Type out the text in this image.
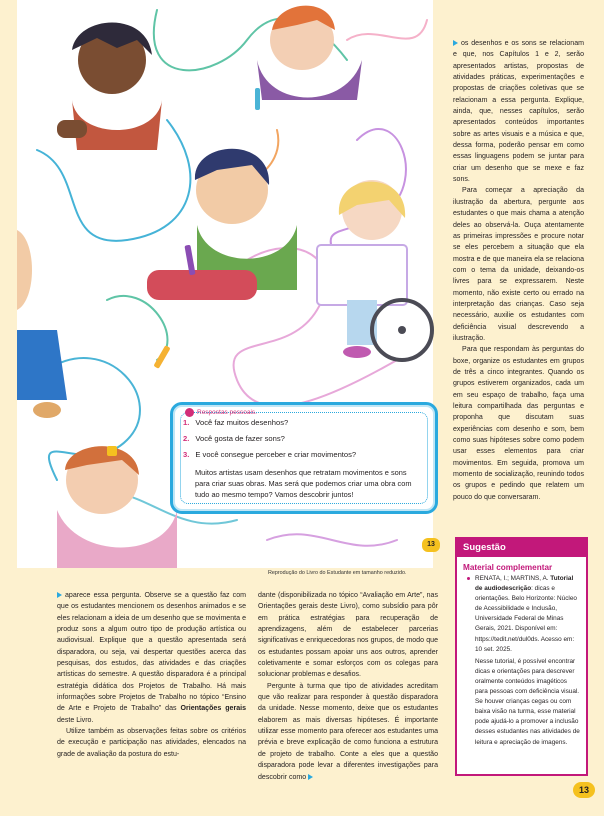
Respostas pessoais.
1. Você faz muitos desenhos?
2. Você gosta de fazer sons?
3. E você consegue perceber e criar movimentos?
Muitos artistas usam desenhos que retratam movimentos e sons para criar suas obras. Mas será que podemos criar uma obra com tudo ao mesmo tempo? Vamos descobrir juntos!
13
Reprodução do Livro do Estudante em tamanho reduzido.

os desenhos e os sons se relacionam e que, nos Capítulos 1 e 2, serão apresentados artistas, propostas de atividades práticas, experimentações e propostas de criações coletivas que se relacionam a essa pergunta. Explique, ainda, que, nesses capítulos, serão apresentados conteúdos importantes sobre as artes visuais e a música e que, dessa forma, poderão pensar em como essas linguagens podem se juntar para criar um desenho que se mexe e faz sons.

Para começar a apreciação da ilustração da abertura, pergunte aos estudantes o que mais chama a atenção deles ao observá-la. Ouça atentamente as primeiras impressões e procure notar se eles percebem a situação que ela mostra e de que maneira ela se relaciona com o tema da unidade, deixando-os livres para se expressarem. Neste momento, não existe certo ou errado na interpretação das crianças. Caso seja necessário, auxilie os estudantes com deficiência visual descrevendo a ilustração.

Para que respondam às perguntas do boxe, organize os estudantes em grupos de três a cinco integrantes. Quando os grupos estiverem organizados, cada um em seu espaço de trabalho, faça uma leitura compartilhada das perguntas e proponha que discutam suas experiências com desenho e som, bem como suas hipóteses sobre como podem usar esses elementos para criar movimentos. Em seguida, promova um momento de socialização, reunindo todos os grupos e pedindo que relatem um pouco do que conversaram.

aparece essa pergunta. Observe se a questão faz com que os estudantes mencionem os desenhos animados e se eles relacionam a ideia de um desenho que se movimenta e produz sons a algum outro tipo de produção artística ou audiovisual. Explique que a questão apresentada será disparadora, ou seja, vai despertar questões acerca das pesquisas, dos estudos, das atividades e das criações artísticas do semestre. A questão disparadora é a principal estratégia didática dos Projetos de Trabalho. Há mais informações sobre Projetos de Trabalho no tópico “Ensino de Arte e Projeto de Trabalho” das Orientações gerais deste Livro.

Utilize também as observações feitas sobre os critérios de execução e participação nas atividades, elencados na grade de avaliação da postura do estu-

dante (disponibilizada no tópico “Avaliação em Arte”, nas Orientações gerais deste Livro), como subsídio para pôr em prática estratégias para recuperação de aprendizagens, além de estabelecer parcerias significativas e enriquecedoras nos grupos, de modo que os estudantes possam apoiar uns aos outros, aprender coletivamente e somar esforços com os colegas para solucionar problemas e desafios.

Pergunte à turma que tipo de atividades acreditam que vão realizar para responder à questão disparadora da unidade. Nesse momento, deixe que os estudantes elaborem as mais diversas hipóteses. É importante utilizar esse momento para oferecer aos estudantes uma prévia e breve explicação de como funciona a estrutura de projeto de trabalho. Conte a eles que a questão disparadora pode levar a diferentes investigações para descobrir como

Sugestão
Material complementar
RENATA, I.; MARTINS, A. Tutorial de audiodescrição: dicas e orientações. Belo Horizonte: Núcleo de Acessibilidade e Inclusão, Universidade Federal de Minas Gerais, 2021. Disponível em: https://tedit.net/dul0ds. Acesso em: 10 set. 2025.
Nesse tutorial, é possível encontrar dicas e orientações para descrever oralmente conteúdos imagéticos para pessoas com deficiência visual. Se houver crianças cegas ou com baixa visão na turma, esse material pode ajudá-lo a promover a inclusão desses estudantes nas atividades de leitura e apreciação de imagens.
13
